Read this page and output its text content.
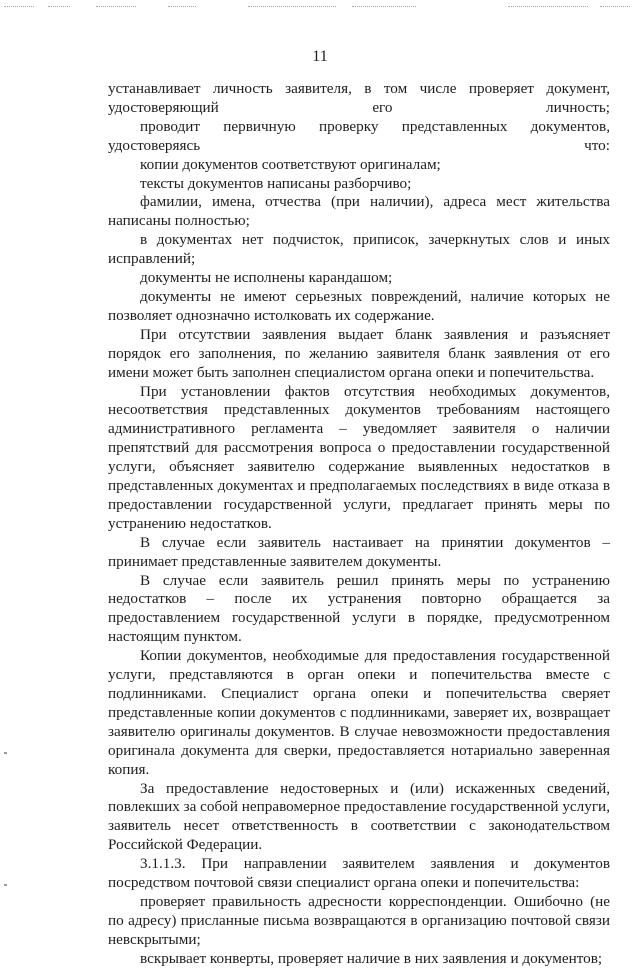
11

устанавливает личность заявителя, в том числе проверяет документ, удостоверяющий его личность;

проводит первичную проверку представленных документов, удостоверяясь что:

копии документов соответствуют оригиналам;

тексты документов написаны разборчиво;

фамилии, имена, отчества (при наличии), адреса мест жительства написаны полностью;

в документах нет подчисток, приписок, зачеркнутых слов и иных исправлений;

документы не исполнены карандашом;

документы не имеют серьезных повреждений, наличие которых не позволяет однозначно истолковать их содержание.

При отсутствии заявления выдает бланк заявления и разъясняет порядок его заполнения, по желанию заявителя бланк заявления от его имени может быть заполнен специалистом органа опеки и попечительства.

При установлении фактов отсутствия необходимых документов, несоответствия представленных документов требованиям настоящего административного регламента – уведомляет заявителя о наличии препятствий для рассмотрения вопроса о предоставлении государственной услуги, объясняет заявителю содержание выявленных недостатков в представленных документах и предполагаемых последствиях в виде отказа в предоставлении государственной услуги, предлагает принять меры по устранению недостатков.

В случае если заявитель настаивает на принятии документов – принимает представленные заявителем документы.

В случае если заявитель решил принять меры по устранению недостатков – после их устранения повторно обращается за предоставлением государственной услуги в порядке, предусмотренном настоящим пунктом.

Копии документов, необходимые для предоставления государственной услуги, представляются в орган опеки и попечительства вместе с подлинниками. Специалист органа опеки и попечительства сверяет представленные копии документов с подлинниками, заверяет их, возвращает заявителю оригиналы документов. В случае невозможности предоставления оригинала документа для сверки, предоставляется нотариально заверенная копия.

За предоставление недостоверных и (или) искаженных сведений, повлекших за собой неправомерное предоставление государственной услуги, заявитель несет ответственность в соответствии с законодательством Российской Федерации.

3.1.1.3. При направлении заявителем заявления и документов посредством почтовой связи специалист органа опеки и попечительства:

проверяет правильность адресности корреспонденции. Ошибочно (не по адресу) присланные письма возвращаются в организацию почтовой связи невскрытыми;

вскрывает конверты, проверяет наличие в них заявления и документов;
